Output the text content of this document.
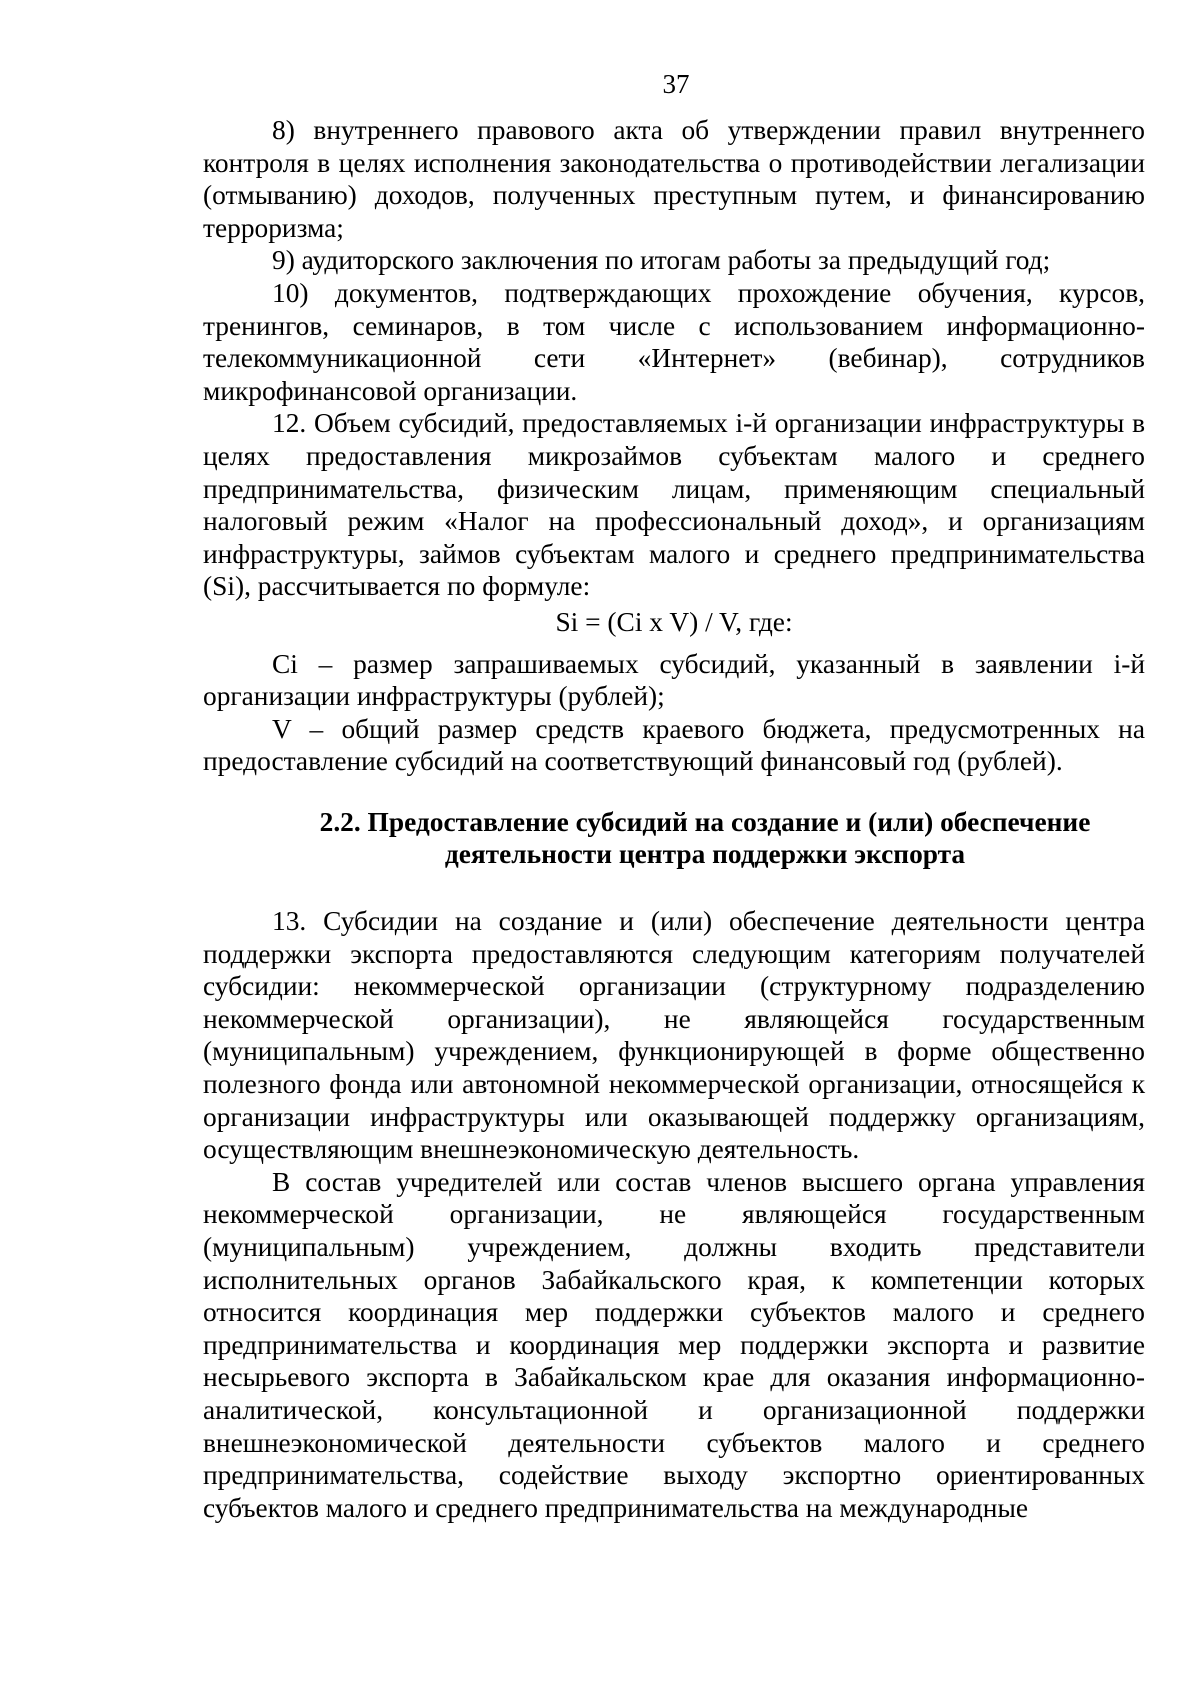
37

8) внутреннего правового акта об утверждении правил внутреннего контроля в целях исполнения законодательства о противодействии легализации (отмыванию) доходов, полученных преступным путем, и финансированию терроризма;

9) аудиторского заключения по итогам работы за предыдущий год;

10) документов, подтверждающих прохождение обучения, курсов, тренингов, семинаров, в том числе с использованием информационно-телекоммуникационной сети «Интернет» (вебинар), сотрудников микрофинансовой организации.

12. Объем субсидий, предоставляемых i-й организации инфраструктуры в целях предоставления микрозаймов субъектам малого и среднего предпринимательства, физическим лицам, применяющим специальный налоговый режим «Налог на профессиональный доход», и организациям инфраструктуры, займов субъектам малого и среднего предпринимательства (Si), рассчитывается по формуле:

Si = (Ci x V) / V, где:

Ci – размер запрашиваемых субсидий, указанный в заявлении i-й организации инфраструктуры (рублей);

V – общий размер средств краевого бюджета, предусмотренных на предоставление субсидий на соответствующий финансовый год (рублей).

2.2. Предоставление субсидий на создание и (или) обеспечение
деятельности центра поддержки экспорта

13. Субсидии на создание и (или) обеспечение деятельности центра поддержки экспорта предоставляются следующим категориям получателей субсидии: некоммерческой организации (структурному подразделению некоммерческой организации), не являющейся государственным (муниципальным) учреждением, функционирующей в форме общественно полезного фонда или автономной некоммерческой организации, относящейся к организации инфраструктуры или оказывающей поддержку организациям, осуществляющим внешнеэкономическую деятельность.

В состав учредителей или состав членов высшего органа управления некоммерческой организации, не являющейся государственным (муниципальным) учреждением, должны входить представители исполнительных органов Забайкальского края, к компетенции которых относится координация мер поддержки субъектов малого и среднего предпринимательства и координация мер поддержки экспорта и развитие несырьевого экспорта в Забайкальском крае для оказания информационно-аналитической, консультационной и организационной поддержки внешнеэкономической деятельности субъектов малого и среднего предпринимательства, содействие выходу экспортно ориентированных субъектов малого и среднего предпринимательства на международные
